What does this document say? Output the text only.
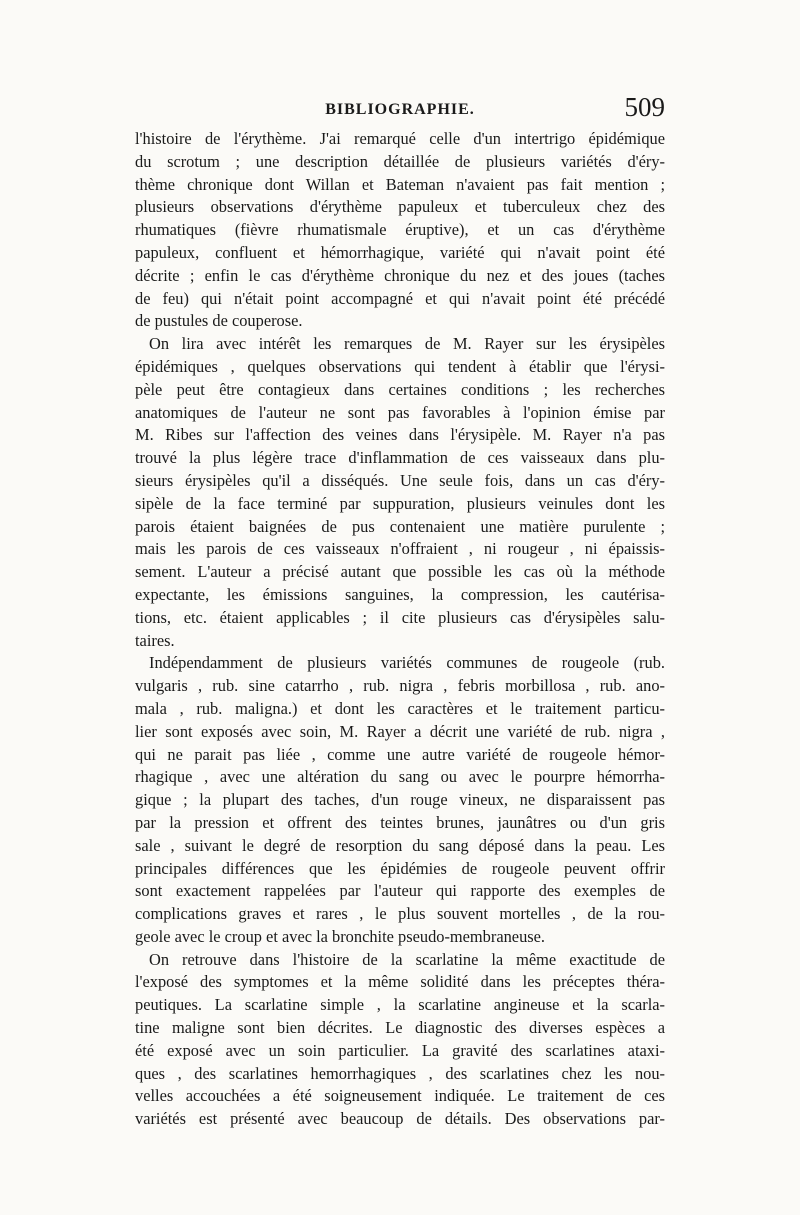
BIBLIOGRAPHIE.	509
l'histoire de l'érythème. J'ai remarqué celle d'un intertrigo épidémique
du scrotum ; une description détaillée de plusieurs variétés d'éry-
thème chronique dont Willan et Bateman n'avaient pas fait mention ;
plusieurs observations d'érythème papuleux et tuberculeux chez des
rhumatiques (fièvre rhumatismale éruptive), et un cas d'érythème
papuleux, confluent et hémorrhagique, variété qui n'avait point été
décrite ; enfin le cas d'érythème chronique du nez et des joues (taches
de feu) qui n'était point accompagné et qui n'avait point été précédé
de pustules de couperose.
On lira avec intérêt les remarques de M. Rayer sur les érysipèles
épidémiques , quelques observations qui tendent à établir que l'érysi-
pèle peut être contagieux dans certaines conditions ; les recherches
anatomiques de l'auteur ne sont pas favorables à l'opinion émise par
M. Ribes sur l'affection des veines dans l'érysipèle. M. Rayer n'a pas
trouvé la plus légère trace d'inflammation de ces vaisseaux dans plu-
sieurs érysipèles qu'il a disséqués. Une seule fois, dans un cas d'éry-
sipèle de la face terminé par suppuration, plusieurs veinules dont les
parois étaient baignées de pus contenaient une matière purulente ;
mais les parois de ces vaisseaux n'offraient , ni rougeur , ni épaissis-
sement. L'auteur a précisé autant que possible les cas où la méthode
expectante, les émissions sanguines, la compression, les cautérisa-
tions, etc. étaient applicables ; il cite plusieurs cas d'érysipèles salu-
taires.
Indépendamment de plusieurs variétés communes de rougeole (rub.
vulgaris , rub. sine catarrho , rub. nigra , febris morbillosa , rub. ano-
mala , rub. maligna.) et dont les caractères et le traitement particu-
lier sont exposés avec soin, M. Rayer a décrit une variété de rub. nigra ,
qui ne parait pas liée , comme une autre variété de rougeole hémor-
rhagique , avec une altération du sang ou avec le pourpre hémorrha-
gique ; la plupart des taches, d'un rouge vineux, ne disparaissent pas
par la pression et offrent des teintes brunes, jaunâtres ou d'un gris
sale , suivant le degré de resorption du sang déposé dans la peau. Les
principales différences que les épidémies de rougeole peuvent offrir
sont exactement rappelées par l'auteur qui rapporte des exemples de
complications graves et rares , le plus souvent mortelles , de la rou-
geole avec le croup et avec la bronchite pseudo-membraneuse.
On retrouve dans l'histoire de la scarlatine la même exactitude de
l'exposé des symptomes et la même solidité dans les préceptes théra-
peutiques. La scarlatine simple , la scarlatine angineuse et la scarla-
tine maligne sont bien décrites. Le diagnostic des diverses espèces a
été exposé avec un soin particulier. La gravité des scarlatines ataxi-
ques , des scarlatines hemorrhagiques , des scarlatines chez les nou-
velles accouchées a été soigneusement indiquée. Le traitement de ces
variétés est présenté avec beaucoup de détails. Des observations par-
